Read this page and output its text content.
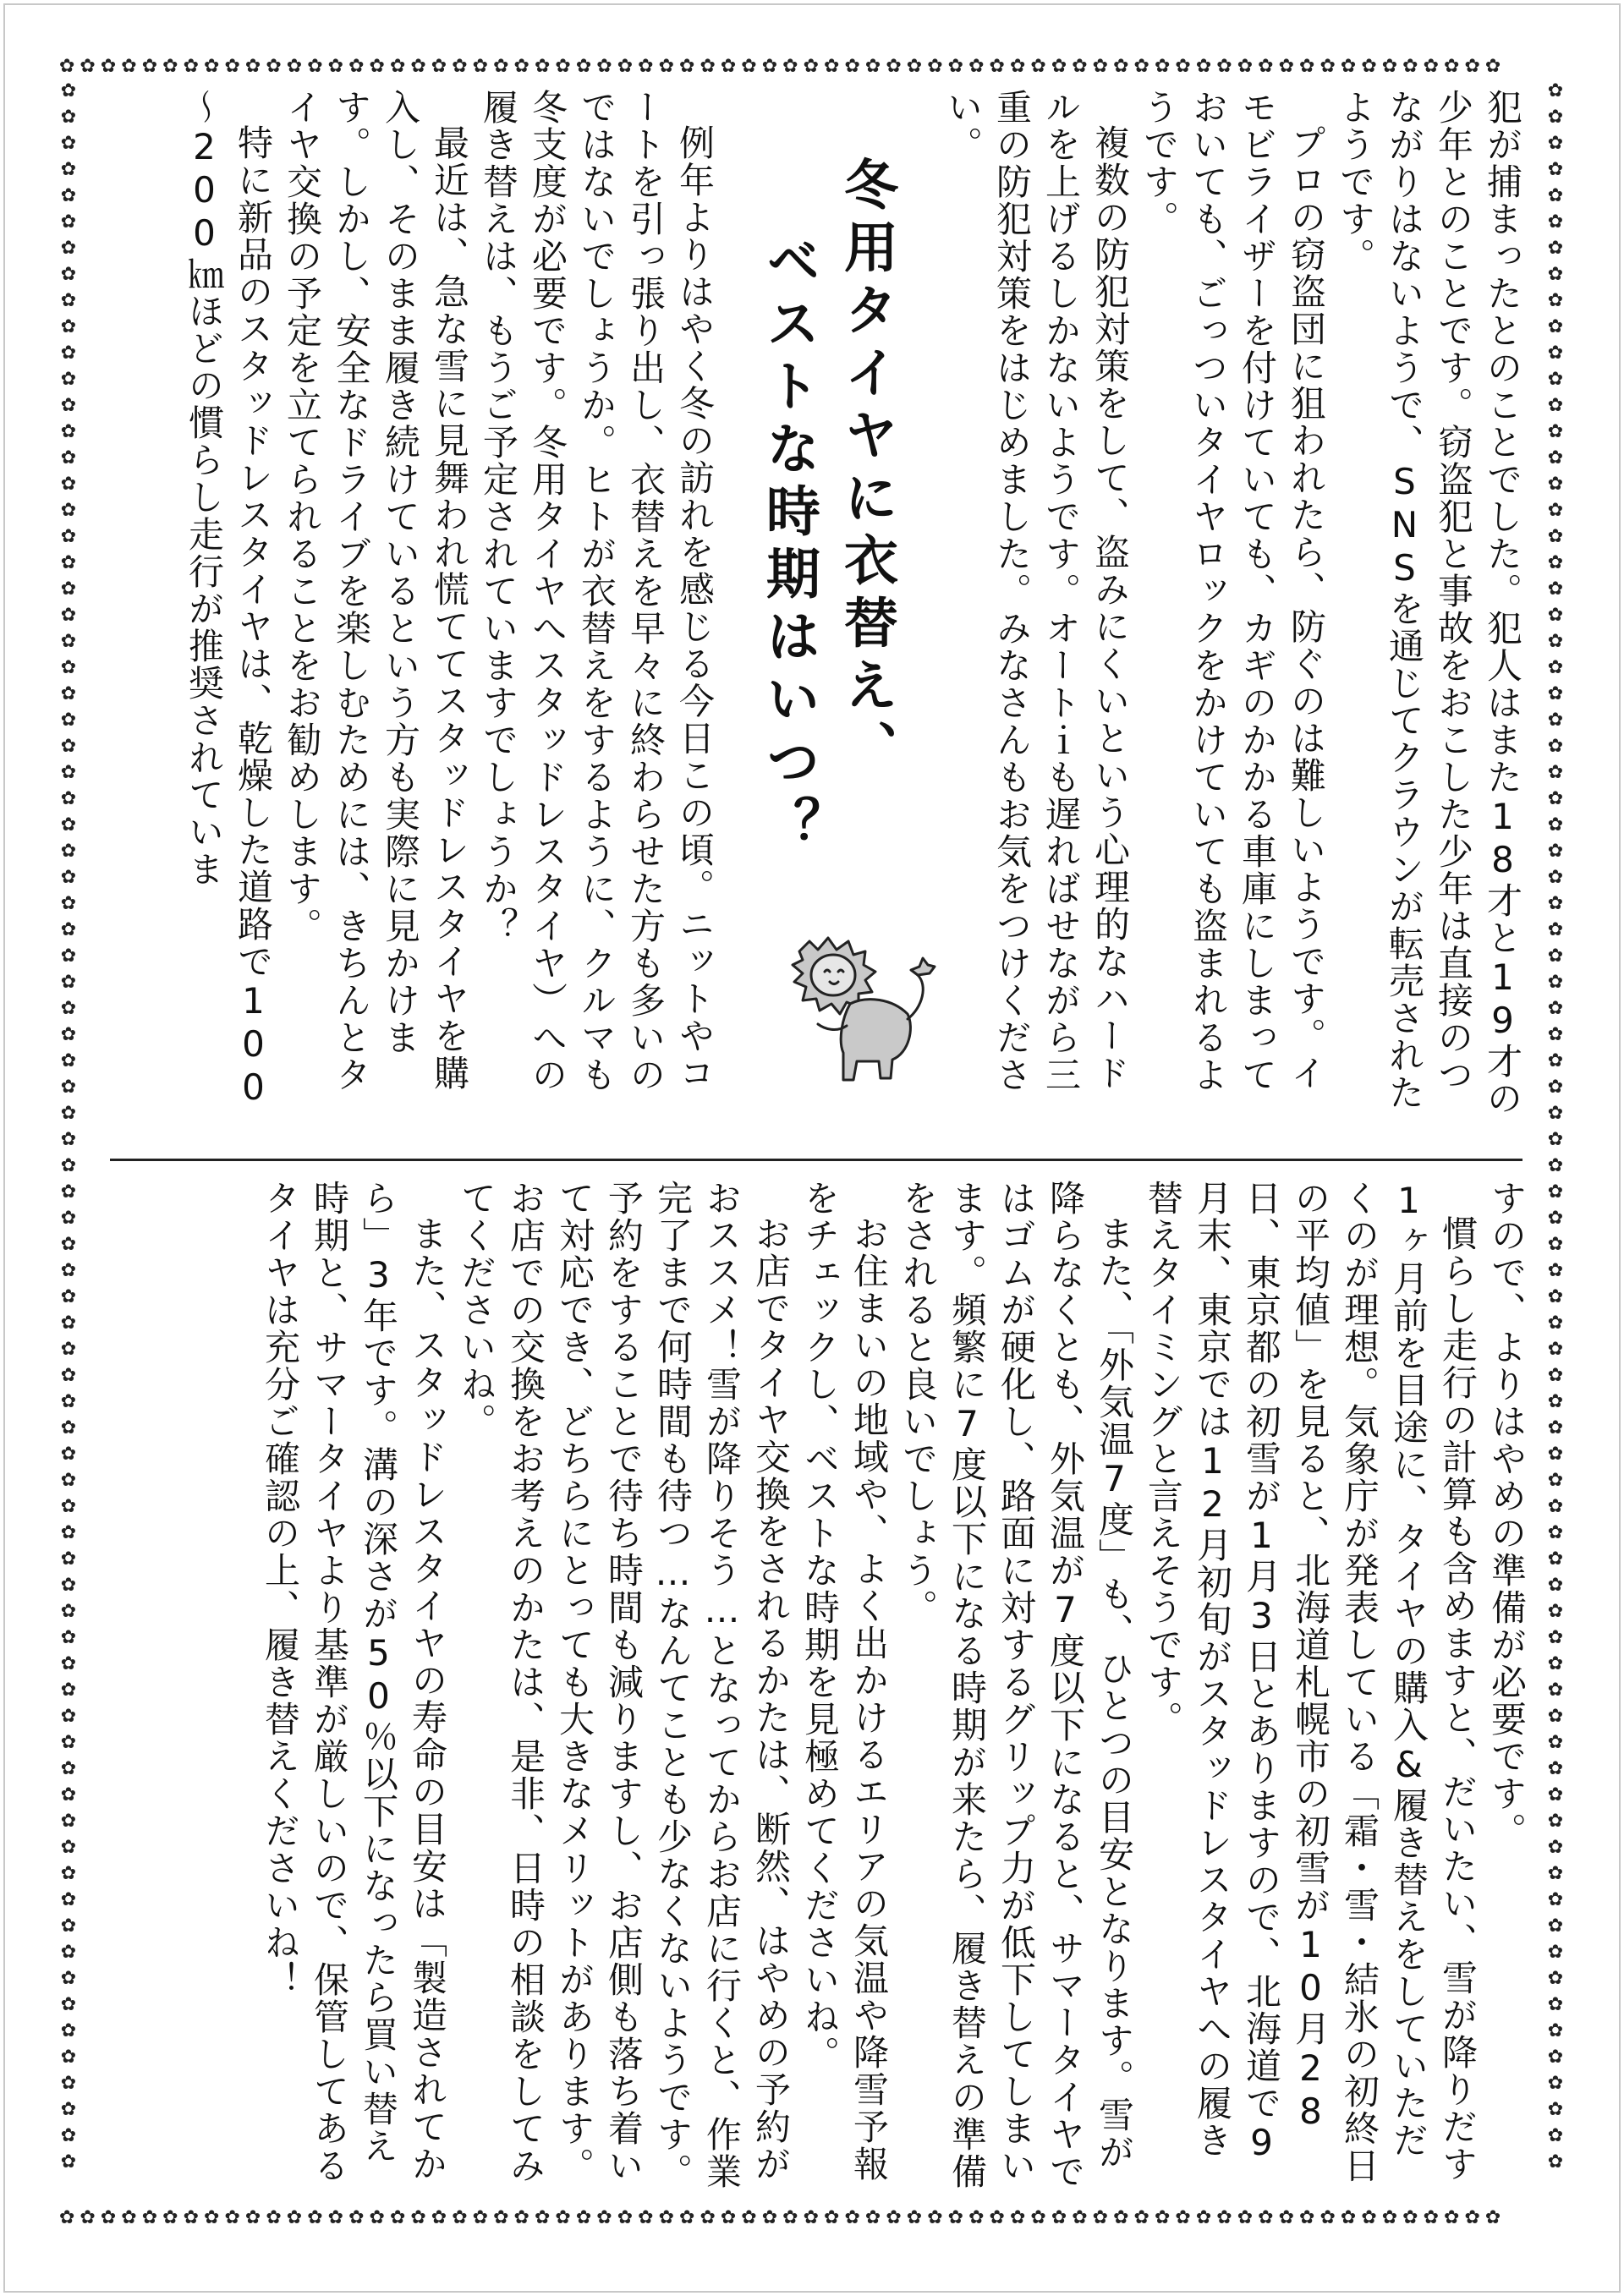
✿✿✿✿✿✿✿✿✿✿✿✿✿✿✿✿✿✿✿✿✿✿✿✿✿✿✿✿✿✿✿✿✿✿✿✿✿✿✿✿✿✿✿✿✿✿✿✿✿✿✿✿✿✿✿✿✿✿✿✿✿✿✿✿✿✿✿✿✿✿
✿✿✿✿✿✿✿✿✿✿✿✿✿✿✿✿✿✿✿✿✿✿✿✿✿✿✿✿✿✿✿✿✿✿✿✿✿✿✿✿✿✿✿✿✿✿✿✿✿✿✿✿✿✿✿✿✿✿✿✿✿✿✿✿✿✿✿✿✿✿
✿✿✿✿✿✿✿✿✿✿✿✿✿✿✿✿✿✿✿✿✿✿✿✿✿✿✿✿✿✿✿✿✿✿✿✿✿✿✿✿✿✿✿✿✿✿✿✿✿✿✿✿✿✿✿✿✿✿✿✿✿✿✿✿✿✿✿✿✿✿✿✿✿✿✿✿✿✿✿✿
✿✿✿✿✿✿✿✿✿✿✿✿✿✿✿✿✿✿✿✿✿✿✿✿✿✿✿✿✿✿✿✿✿✿✿✿✿✿✿✿✿✿✿✿✿✿✿✿✿✿✿✿✿✿✿✿✿✿✿✿✿✿✿✿✿✿✿✿✿✿✿✿✿✿✿✿✿✿✿✿

犯が捕まったとのことでした。犯人はまた18才と19才の少年とのことです。窃盗犯と事故をおこした少年は直接のつながりはないようで、SNSを通じてクラウンが転売されたようです。

プロの窃盗団に狙われたら、防ぐのは難しいようです。イモビライザーを付けていても、カギのかかる車庫にしまっておいても、ごっついタイヤロックをかけていても盗まれるようです。

複数の防犯対策をして、盗みにくいという心理的なハードルを上げるしかないようです。オートｉも遅ればせながら三重の防犯対策をはじめました。みなさんもお気をつけください。

冬用タイヤに衣替え、
ベストな時期はいつ？

例年よりはやく冬の訪れを感じる今日この頃。ニットやコートを引っ張り出し、衣替えを早々に終わらせた方も多いのではないでしょうか。ヒトが衣替えをするように、クルマも冬支度が必要です。冬用タイヤへスタッドレスタイヤ）への履き替えは、もうご予定されていますでしょうか？

最近は、急な雪に見舞われ慌ててスタッドレスタイヤを購入し、そのまま履き続けているという方も実際に見かけます。しかし、安全なドライブを楽しむためには、きちんとタイヤ交換の予定を立てられることをお勧めします。

特に新品のスタッドレスタイヤは、乾燥した道路で100～200㎞ほどの慣らし走行が推奨されていま

すので、よりはやめの準備が必要です。

慣らし走行の計算も含めますと、だいたい、雪が降りだす1ヶ月前を目途に、タイヤの購入&履き替えをしていただくのが理想。気象庁が発表している「霜・雪・結氷の初終日の平均値」を見ると、北海道札幌市の初雪が10月28日、東京都の初雪が1月3日とありますので、北海道で9月末、東京では12月初旬がスタッドレスタイヤへの履き替えタイミングと言えそうです。

また、「外気温7度」も、ひとつの目安となります。雪が降らなくとも、外気温が7度以下になると、サマータイヤではゴムが硬化し、路面に対するグリップ力が低下してしまいます。頻繁に7度以下になる時期が来たら、履き替えの準備をされると良いでしょう。

お住まいの地域や、よく出かけるエリアの気温や降雪予報をチェックし、ベストな時期を見極めてくださいね。

お店でタイヤ交換をされるかたは、断然、はやめの予約がおススメ！雪が降りそう…となってからお店に行くと、作業完了まで何時間も待つ…なんてことも少なくないようです。予約をすることで待ち時間も減りますし、お店側も落ち着いて対応でき、どちらにとっても大きなメリットがあります。お店での交換をお考えのかたは、是非、日時の相談をしてみてくださいね。

また、スタッドレスタイヤの寿命の目安は「製造されてから」3年です。溝の深さが50％以下になったら買い替え時期と、サマータイヤより基準が厳しいので、保管してあるタイヤは充分ご確認の上、履き替えくださいね！
